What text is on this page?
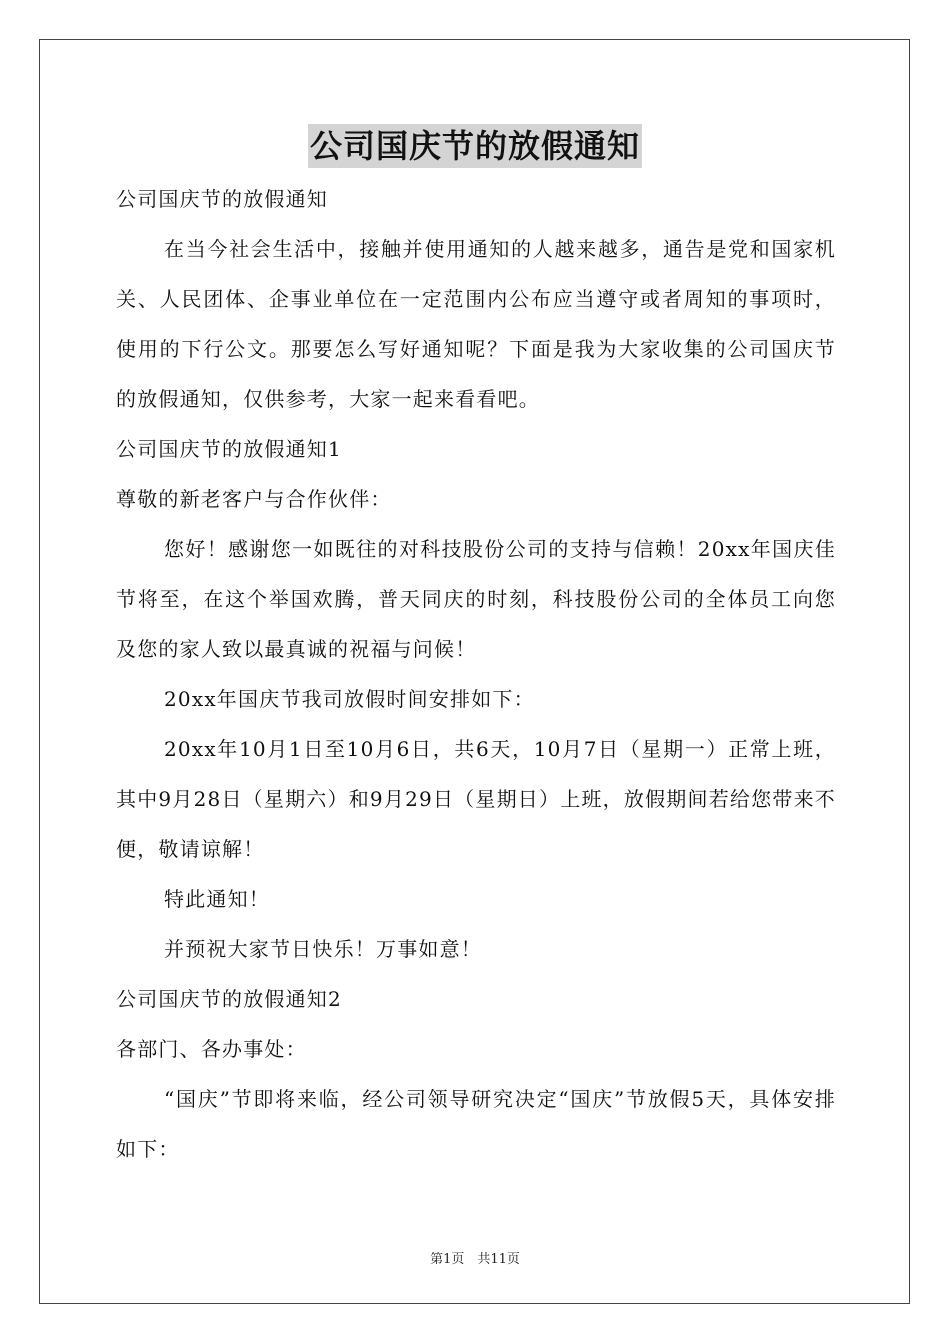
公司国庆节的放假通知

公司国庆节的放假通知

在当今社会生活中，接触并使用通知的人越来越多，通告是党和国家机关、人民团体、企事业单位在一定范围内公布应当遵守或者周知的事项时，使用的下行公文。那要怎么写好通知呢？下面是我为大家收集的公司国庆节的放假通知，仅供参考，大家一起来看看吧。

公司国庆节的放假通知1

尊敬的新老客户与合作伙伴：

您好！感谢您一如既往的对科技股份公司的支持与信赖！20xx年国庆佳节将至，在这个举国欢腾，普天同庆的时刻，科技股份公司的全体员工向您及您的家人致以最真诚的祝福与问候！

20xx年国庆节我司放假时间安排如下：

20xx年10月1日至10月6日，共6天，10月7日（星期一）正常上班，其中9月28日（星期六）和9月29日（星期日）上班，放假期间若给您带来不便，敬请谅解！

特此通知！

并预祝大家节日快乐！万事如意！

公司国庆节的放假通知2

各部门、各办事处：

“国庆”节即将来临，经公司领导研究决定“国庆”节放假5天，具体安排如下：

第1页　共11页
